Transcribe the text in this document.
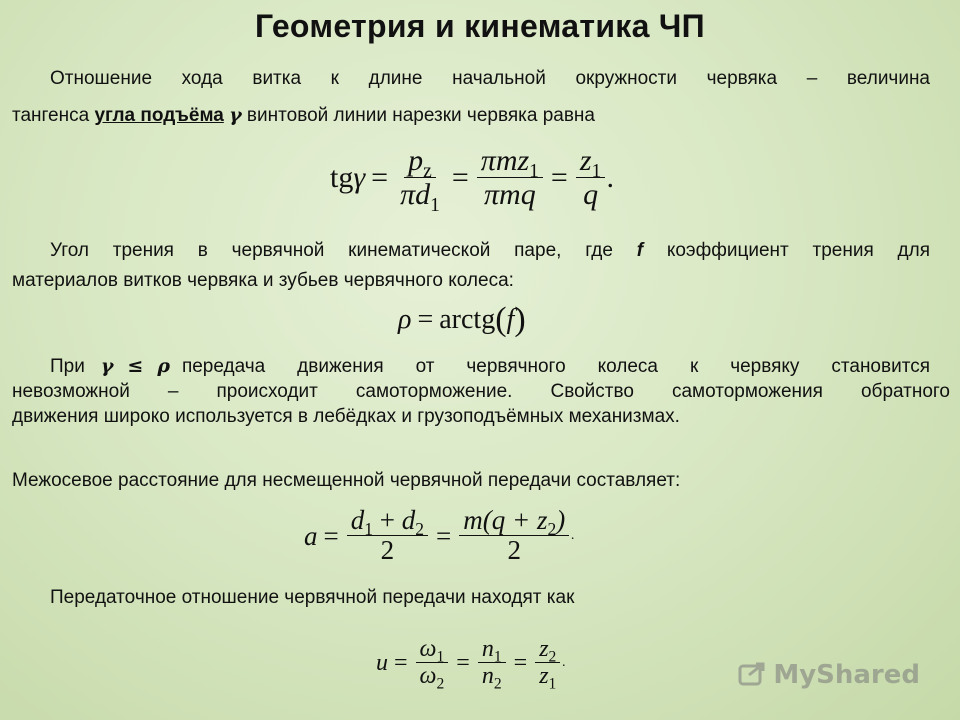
Геометрия и кинематика ЧП
Отношение хода витка к длине начальной окружности червяка – величина
тангенса угла подъёма γ винтовой линии нарезки червяка равна
tg $\gamma = \frac{p_z}{\pi d_1} = \frac{\pi mz_1}{\text{πmq}} = \frac{z_1}{q}$ .
Угол трения в червячной кинематической паре, где f коэффициент трения для
материалов витков червяка и зубьев червячного колеса:
ρ = arctg ( f )
При γ ≤ ρ передача движения от червячного колеса к червяку становится
невозможной – происходит самоторможение. Свойство самоторможения обратного
движения широко используется в лебёдках и грузоподъёмных механизмах.
Межосевое расстояние для несмещенной червячной передачи составляет:
$a = \frac{d_1 + d_2}{2} = \frac{m(q + z_2)}{2}$ .
Передаточное отношение червячной передачи находят как
$u = \frac{\omega_1}{\omega_2} = \frac{n_1}{n_2} = \frac{z_2}{z_1}$ .	MyShared
